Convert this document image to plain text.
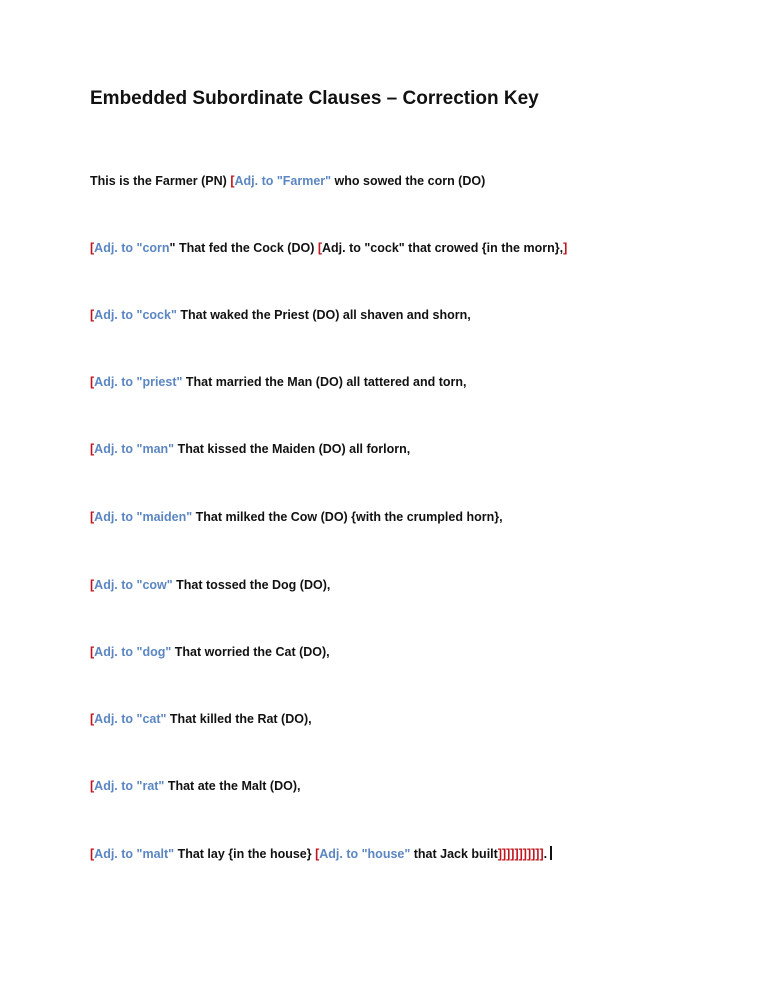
Embedded Subordinate Clauses – Correction Key
This is the Farmer (PN) [Adj. to "Farmer" who sowed the corn (DO)
[Adj. to "corn" That fed the Cock (DO) [Adj. to "cock" that crowed {in the morn},]
[Adj. to "cock" That waked the Priest (DO) all shaven and shorn,
[Adj. to "priest" That married the Man (DO) all tattered and torn,
[Adj. to "man" That kissed the Maiden (DO) all forlorn,
[Adj. to "maiden" That milked the Cow (DO) {with the crumpled horn},
[Adj. to "cow" That tossed the Dog (DO),
[Adj. to "dog" That worried the Cat (DO),
[Adj. to "cat" That killed the Rat (DO),
[Adj. to "rat" That ate the Malt (DO),
[Adj. to "malt" That lay {in the house} [Adj. to "house" that Jack built]]]]]]]]]]].
